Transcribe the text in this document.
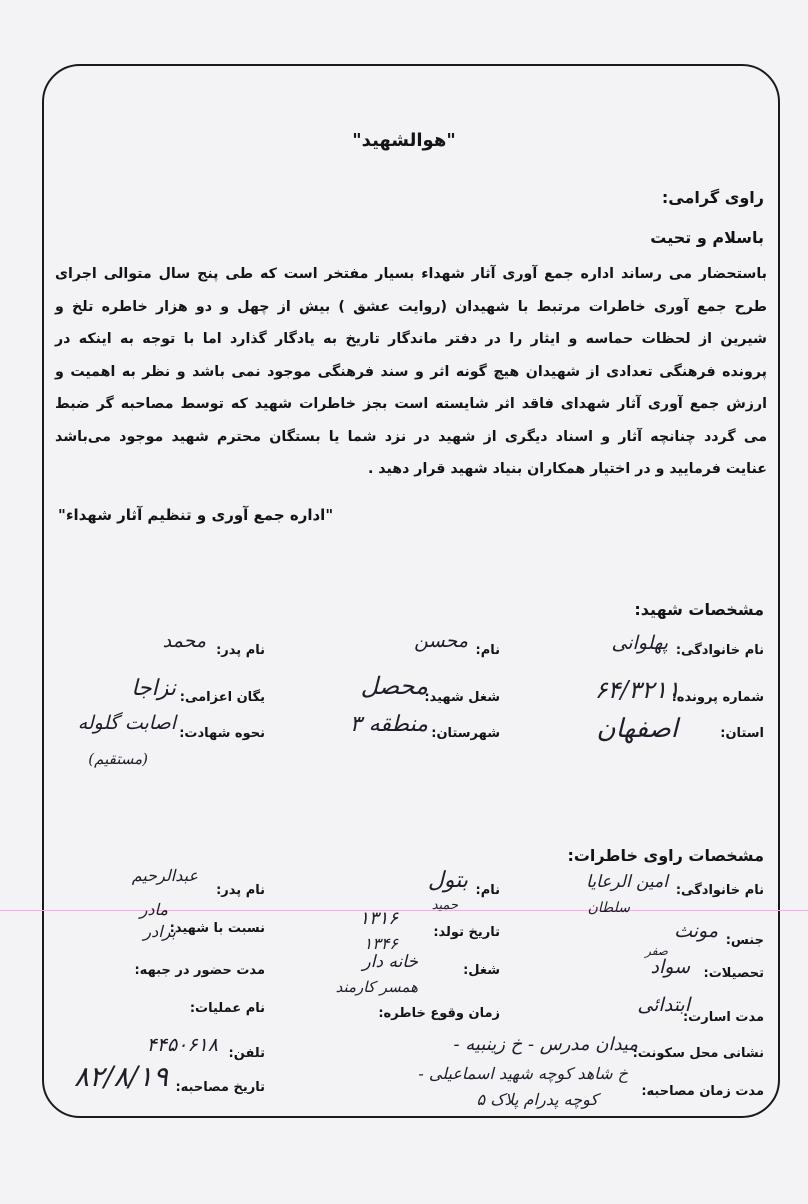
"هوالشهید"
راوی گرامی:
باسلام و تحیت

باستحضار می رساند اداره جمع آوری آثار شهداء بسیار مفتخر است که طی پنج سال متوالی اجرای

طرح جمع آوری خاطرات مرتبط با شهیدان (روایت عشق ) بیش از چهل و دو هزار خاطره تلخ و

شیرین از لحظات حماسه و ایثار را در دفتر ماندگار تاریخ به یادگار گذارد اما با توجه به اینکه در

پرونده فرهنگی تعدادی از شهیدان هیچ گونه اثر و سند فرهنگی موجود نمی باشد و نظر به اهمیت و

ارزش جمع آوری آثار شهدای فاقد اثر شایسته است بجز خاطرات شهید که توسط مصاحبه گر ضبط

می گردد چنانچه آثار و اسناد دیگری از شهید در نزد شما یا بستگان محترم شهید موجود می‌باشد

عنایت فرمایید و در اختیار همکاران بنیاد شهید قرار دهید .

"اداره جمع آوری و تنظیم آثار شهداء"
مشخصات شهید:
نام خانوادگی:
پهلوانی
نام:
محسن
نام پدر:
محمد
شماره پرونده:
۶۴/۳۲۱۱
شغل شهید:
محصل
یگان اعزامی:
نزاجا
استان:
اصفهان
شهرستان:
منطقه ۳
نحوه شهادت:
اصابت گلوله
(مستقیم)
مشخصات راوی خاطرات:
نام خانوادگی:
امین الرعایا
سلطان
نام:
بتول
حمید
نام پدر:
عبدالرحیم
جنس:
مونث
تاریخ تولد:
۱۳۱۶
۱۳۴۶
نسبت با شهید:
مادر
برادر
تحصیلات:
سواد
صفر
شغل:
خانه دار
مدت حضور در جبهه:
مدت اسارت:
ابتدائی
زمان وقوع خاطره:
همسر کارمند
نام عملیات:
نشانی محل سکونت:
میدان مدرس - خ زینبیه -
خ شاهد کوچه شهید اسماعیلی -
کوچه پدرام پلاک ۵
تلفن:
۴۴۵۰۶۱۸
مدت زمان مصاحبه:
تاریخ مصاحبه:
۸۲/۸/۱۹
